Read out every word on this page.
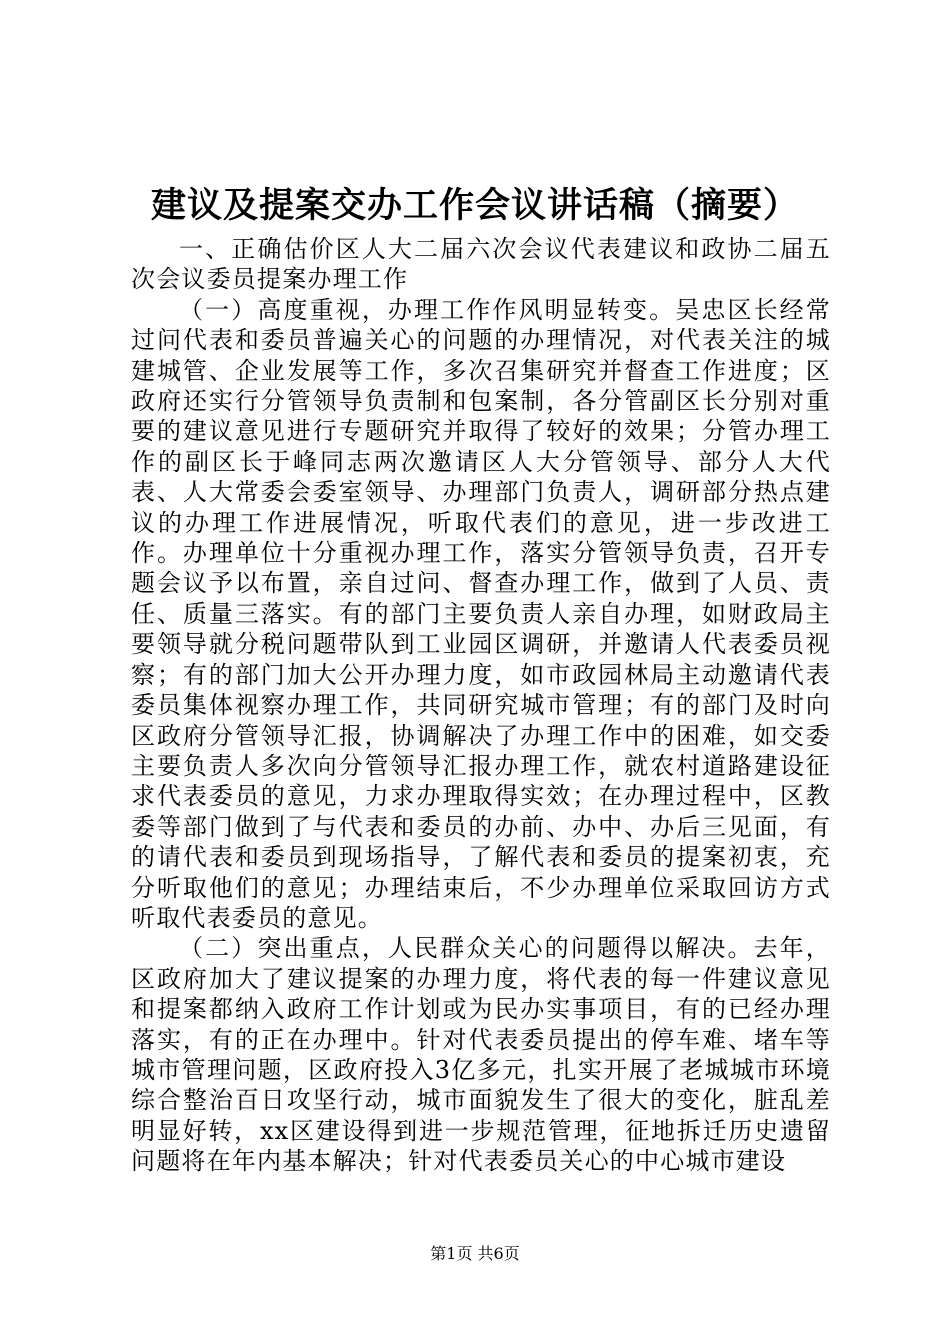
建议及提案交办工作会议讲话稿（摘要）

一、正确估价区人大二届六次会议代表建议和政协二届五次会议委员提案办理工作

（一）高度重视，办理工作作风明显转变。吴忠区长经常过问代表和委员普遍关心的问题的办理情况，对代表关注的城建城管、企业发展等工作，多次召集研究并督查工作进度；区政府还实行分管领导负责制和包案制，各分管副区长分别对重要的建议意见进行专题研究并取得了较好的效果；分管办理工作的副区长于峰同志两次邀请区人大分管领导、部分人大代表、人大常委会委室领导、办理部门负责人，调研部分热点建议的办理工作进展情况，听取代表们的意见，进一步改进工作。办理单位十分重视办理工作，落实分管领导负责，召开专题会议予以布置，亲自过问、督查办理工作，做到了人员、责任、质量三落实。有的部门主要负责人亲自办理，如财政局主要领导就分税问题带队到工业园区调研，并邀请人代表委员视察；有的部门加大公开办理力度，如市政园林局主动邀请代表委员集体视察办理工作，共同研究城市管理；有的部门及时向区政府分管领导汇报，协调解决了办理工作中的困难，如交委主要负责人多次向分管领导汇报办理工作，就农村道路建设征求代表委员的意见，力求办理取得实效；在办理过程中，区教委等部门做到了与代表和委员的办前、办中、办后三见面，有的请代表和委员到现场指导，了解代表和委员的提案初衷，充分听取他们的意见；办理结束后，不少办理单位采取回访方式听取代表委员的意见。

（二）突出重点，人民群众关心的问题得以解决。去年，区政府加大了建议提案的办理力度，将代表的每一件建议意见和提案都纳入政府工作计划或为民办实事项目，有的已经办理落实，有的正在办理中。针对代表委员提出的停车难、堵车等城市管理问题，区政府投入3亿多元，扎实开展了老城城市环境综合整治百日攻坚行动，城市面貌发生了很大的变化，脏乱差明显好转，xx区建设得到进一步规范管理，征地拆迁历史遗留问题将在年内基本解决；针对代表委员关心的中心城市建设

第1页 共6页
